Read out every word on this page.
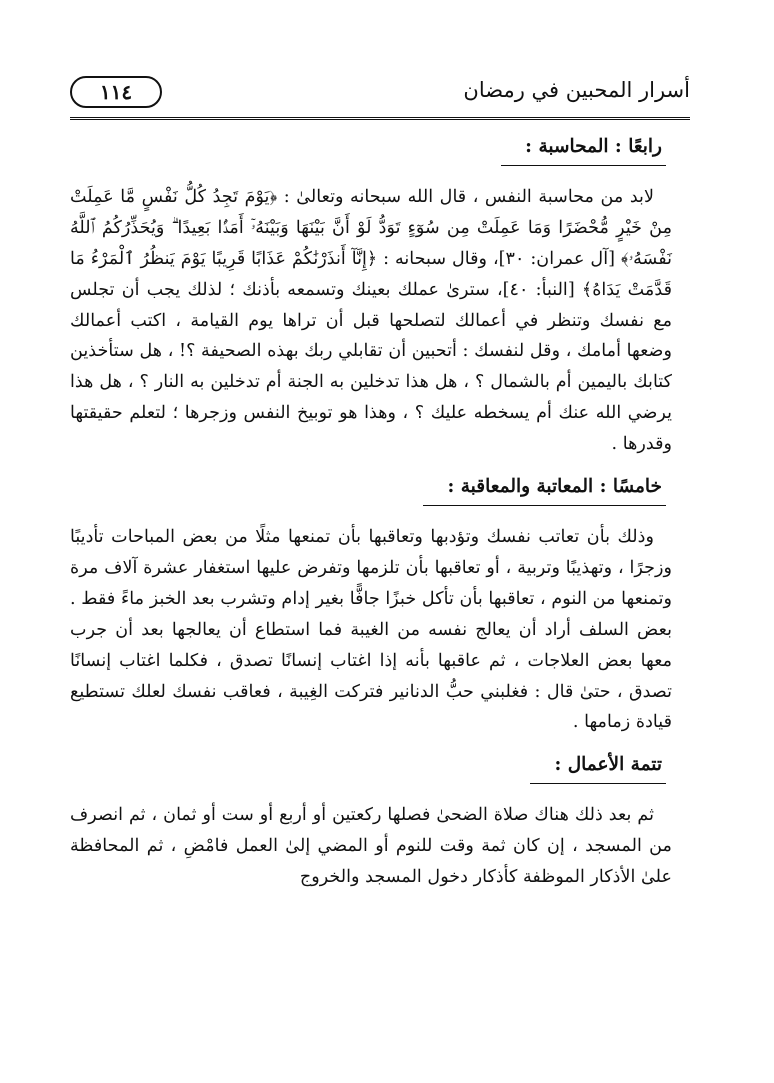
١١٤	أسرار المحبين في رمضان
رابعًا : المحاسبة :

لابد من محاسبة النفس ، قال الله سبحانه وتعالىٰ : ﴿يَوْمَ تَجِدُ كُلُّ نَفْسٍ مَّا عَمِلَتْ مِنْ خَيْرٍ مُّحْضَرًا وَمَا عَمِلَتْ مِن سُوٓءٍ تَوَدُّ لَوْ أَنَّ بَيْنَهَا وَبَيْنَهُۥٓ أَمَدًۢا بَعِيدًا ۗ وَيُحَذِّرُكُمُ ٱللَّهُ نَفْسَهُۥ﴾ [آل عمران: ٣٠]، وقال سبحانه : ﴿إِنَّآ أَنذَرْنَٰكُمْ عَذَابًا قَرِيبًا يَوْمَ يَنظُرُ ٱلْمَرْءُ مَا قَدَّمَتْ يَدَاهُ﴾ [النبأ: ٤٠]، سترىٰ عملك بعينك وتسمعه بأذنك ؛ لذلك يجب أن تجلس مع نفسك وتنظر في أعمالك لتصلحها قبل أن تراها يوم القيامة ، اكتب أعمالك وضعها أمامك ، وقل لنفسك : أتحبين أن تقابلي ربك بهذه الصحيفة ؟! ، هل ستأخذين كتابك باليمين أم بالشمال ؟ ، هل هذا تدخلين به الجنة أم تدخلين به النار ؟ ، هل هذا يرضي الله عنك أم يسخطه عليك ؟ ، وهذا هو توبيخ النفس وزجرها ؛ لتعلم حقيقتها وقدرها .

خامسًا : المعاتبة والمعاقبة :

وذلك بأن تعاتب نفسك وتؤدبها وتعاقبها بأن تمنعها مثلًا من بعض المباحات تأديبًا وزجرًا ، وتهذيبًا وتربية ، أو تعاقبها بأن تلزمها وتفرض عليها استغفار عشرة آلاف مرة وتمنعها من النوم ، تعاقبها بأن تأكل خبزًا جافًّا بغير إدام وتشرب بعد الخبز ماءً فقط . بعض السلف أراد أن يعالج نفسه من الغيبة فما استطاع أن يعالجها بعد أن جرب معها بعض العلاجات ، ثم عاقبها بأنه إذا اغتاب إنسانًا تصدق ، فكلما اغتاب إنسانًا تصدق ، حتىٰ قال : فغلبني حبُّ الدنانير فتركت الغِيبة ، فعاقب نفسك لعلك تستطيع قيادة زمامها .

تتمة الأعمال :

ثم بعد ذلك هناك صلاة الضحىٰ فصلها ركعتين أو أربع أو ست أو ثمان ، ثم انصرف من المسجد ، إن كان ثمة وقت للنوم أو المضي إلىٰ العمل فامْضِ ، ثم المحافظة علىٰ الأذكار الموظفة كأذكار دخول المسجد والخروج
